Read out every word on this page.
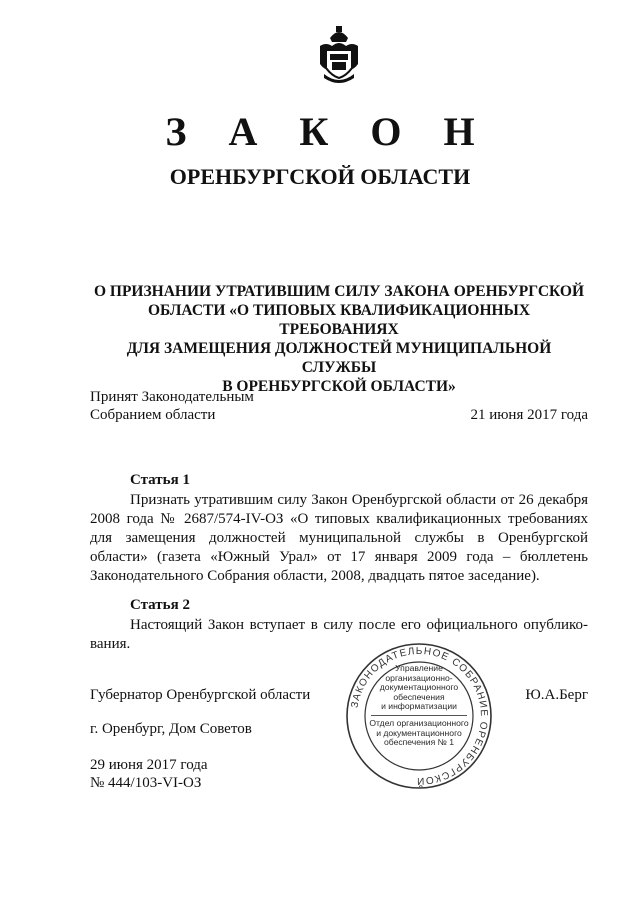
З А К О Н
ОРЕНБУРГСКОЙ ОБЛАСТИ
О ПРИЗНАНИИ УТРАТИВШИМ СИЛУ ЗАКОНА ОРЕНБУРГСКОЙ
ОБЛАСТИ «О ТИПОВЫХ КВАЛИФИКАЦИОННЫХ ТРЕБОВАНИЯХ
ДЛЯ ЗАМЕЩЕНИЯ ДОЛЖНОСТЕЙ МУНИЦИПАЛЬНОЙ СЛУЖБЫ
В ОРЕНБУРГСКОЙ ОБЛАСТИ»
Принят Законодательным
Собранием области	21 июня 2017 года
Статья 1
Признать утратившим силу Закон Оренбургской области от 26 декабря 2008 года № 2687/574-IV-ОЗ «О типовых квалификационных требованиях для замещения должностей муниципальной службы в Оренбургской области» (газета «Южный Урал» от 17 января 2009 года – бюллетень Законодательного Собрания области, 2008, двадцать пятое заседание).
Статья 2
Настоящий Закон вступает в силу после его официального опублико-вания.
Губернатор Оренбургской области	Ю.А.Берг
г. Оренбург, Дом Советов
29 июня 2017 года
№ 444/103-VI-ОЗ
ЗАКОНОДАТЕЛЬНОЕ СОБРАНИЕ ОРЕНБУРГСКОЙ
Управление
организационно-
документационного
обеспечения
и информатизации
Отдел организационного
и документационного
обеспечения № 1
